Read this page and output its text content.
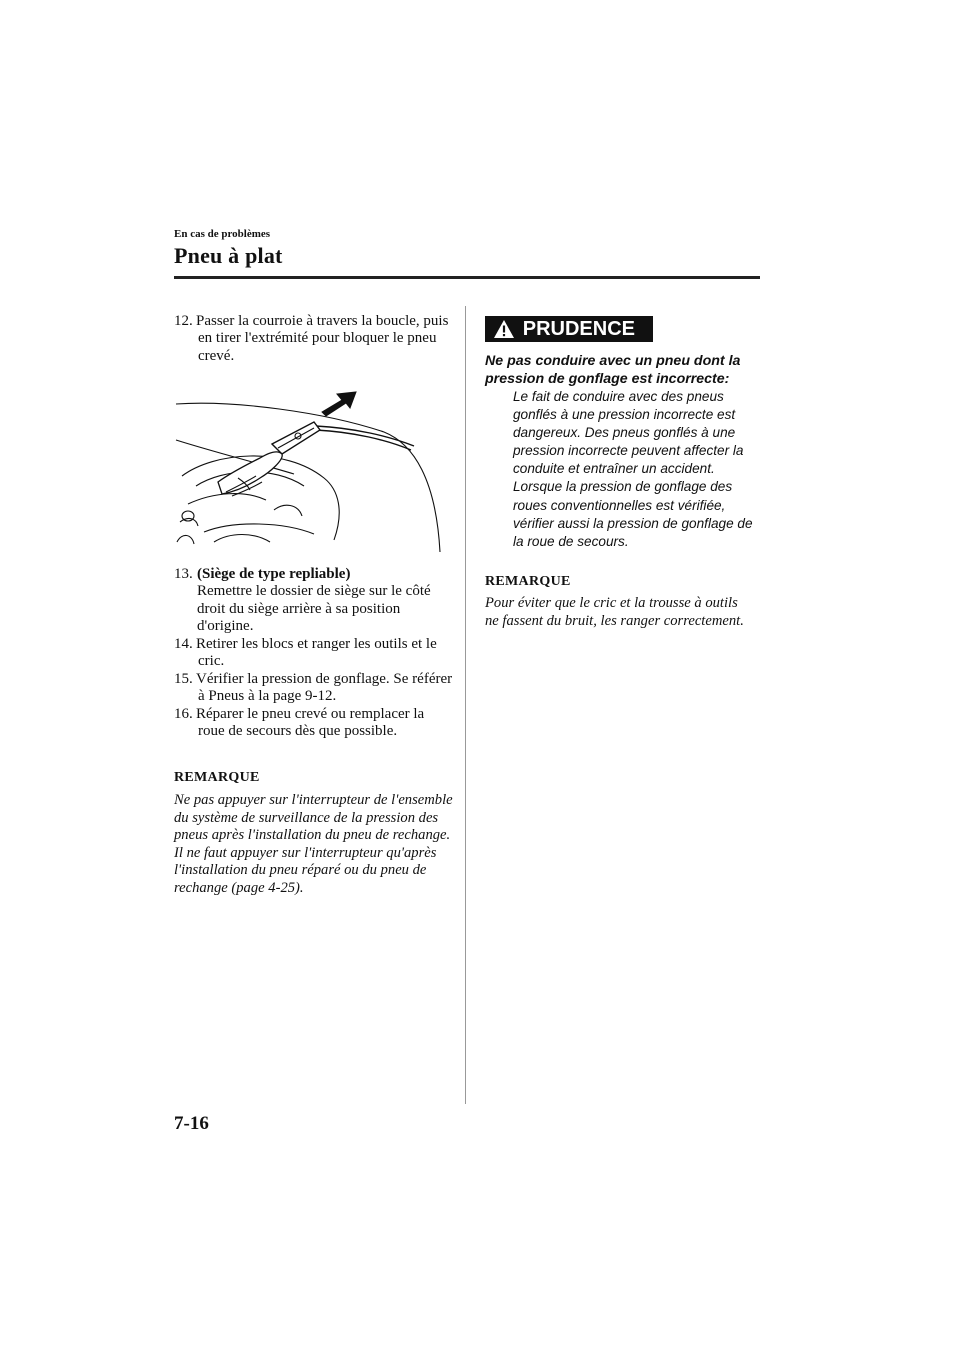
En cas de problèmes
Pneu à plat
12. Passer la courroie à travers la boucle, puis en tirer l'extrémité pour bloquer le pneu crevé.
13. (Siège de type repliable)
Remettre le dossier de siège sur le côté droit du siège arrière à sa position d'origine.
14. Retirer les blocs et ranger les outils et le cric.
15. Vérifier la pression de gonflage. Se référer à Pneus à la page 9-12.
16. Réparer le pneu crevé ou remplacer la roue de secours dès que possible.
REMARQUE
Ne pas appuyer sur l'interrupteur de l'ensemble du système de surveillance de la pression des pneus après l'installation du pneu de rechange. Il ne faut appuyer sur l'interrupteur qu'après l'installation du pneu réparé ou du pneu de rechange (page 4-25).
PRUDENCE
Ne pas conduire avec un pneu dont la pression de gonflage est incorrecte:
Le fait de conduire avec des pneus gonflés à une pression incorrecte est dangereux. Des pneus gonflés à une pression incorrecte peuvent affecter la conduite et entraîner un accident. Lorsque la pression de gonflage des roues conventionnelles est vérifiée, vérifier aussi la pression de gonflage de la roue de secours.
REMARQUE
Pour éviter que le cric et la trousse à outils ne fassent du bruit, les ranger correctement.
7-16
